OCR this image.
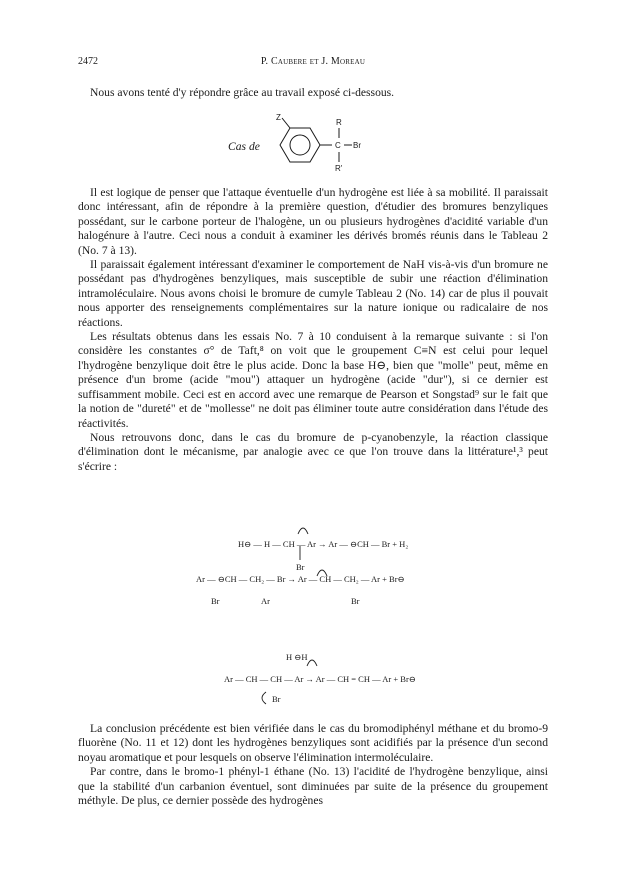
2472	P. Caubere et J. Moreau

Nous avons tenté d'y répondre grâce au travail exposé ci-dessous.

Cas de
Z
R
C Br
R'

Il est logique de penser que l'attaque éventuelle d'un hydrogène est liée à sa mobilité. Il paraissait donc intéressant, afin de répondre à la première question, d'étudier des bromures benzyliques possédant, sur le carbone porteur de l'halogène, un ou plusieurs hydrogènes d'acidité variable d'un halogénure à l'autre. Ceci nous a conduit à examiner les dérivés bromés réunis dans le Tableau 2 (No. 7 à 13).

Il paraissait également intéressant d'examiner le comportement de NaH vis-à-vis d'un bromure ne possédant pas d'hydrogènes benzyliques, mais susceptible de subir une réaction d'élimination intramoléculaire. Nous avons choisi le bromure de cumyle Tableau 2 (No. 14) car de plus il pouvait nous apporter des renseignements complémentaires sur la nature ionique ou radicalaire de nos réactions.

Les résultats obtenus dans les essais No. 7 à 10 conduisent à la remarque suivante : si l'on considère les constantes σ° de Taft,⁸ on voit que le groupement C≡N est celui pour lequel l'hydrogène benzylique doit être le plus acide. Donc la base H⊖, bien que "molle" peut, même en présence d'un brome (acide "mou") attaquer un hydrogène (acide "dur"), si ce dernier est suffisamment mobile. Ceci est en accord avec une remarque de Pearson et Songstad⁹ sur le fait que la notion de "dureté" et de "mollesse" ne doit pas éliminer toute autre considération dans l'étude des réactivités.

Nous retrouvons donc, dans le cas du bromure de p-cyanobenzyle, la réaction classique d'élimination dont le mécanisme, par analogie avec ce que l'on trouve dans la littérature¹,³ peut s'écrire :

H⊖ — H — CH — Ar → Ar — ⊖CH — Br + H₂
Br
Ar — ⊖CH — CH₂ — Br → Ar — CH — CH₂ — Ar + Br⊖
Br	Ar	Br
H ⊖H
Ar — CH — CH — Ar → Ar — CH = CH — Ar + Br⊖
Br

La conclusion précédente est bien vérifiée dans le cas du bromodiphényl méthane et du bromo-9 fluorène (No. 11 et 12) dont les hydrogènes benzyliques sont acidifiés par la présence d'un second noyau aromatique et pour lesquels on observe l'élimination intermoléculaire.

Par contre, dans le bromo-1 phényl-1 éthane (No. 13) l'acidité de l'hydrogène benzylique, ainsi que la stabilité d'un carbanion éventuel, sont diminuées par suite de la présence du groupement méthyle. De plus, ce dernier possède des hydrogènes
